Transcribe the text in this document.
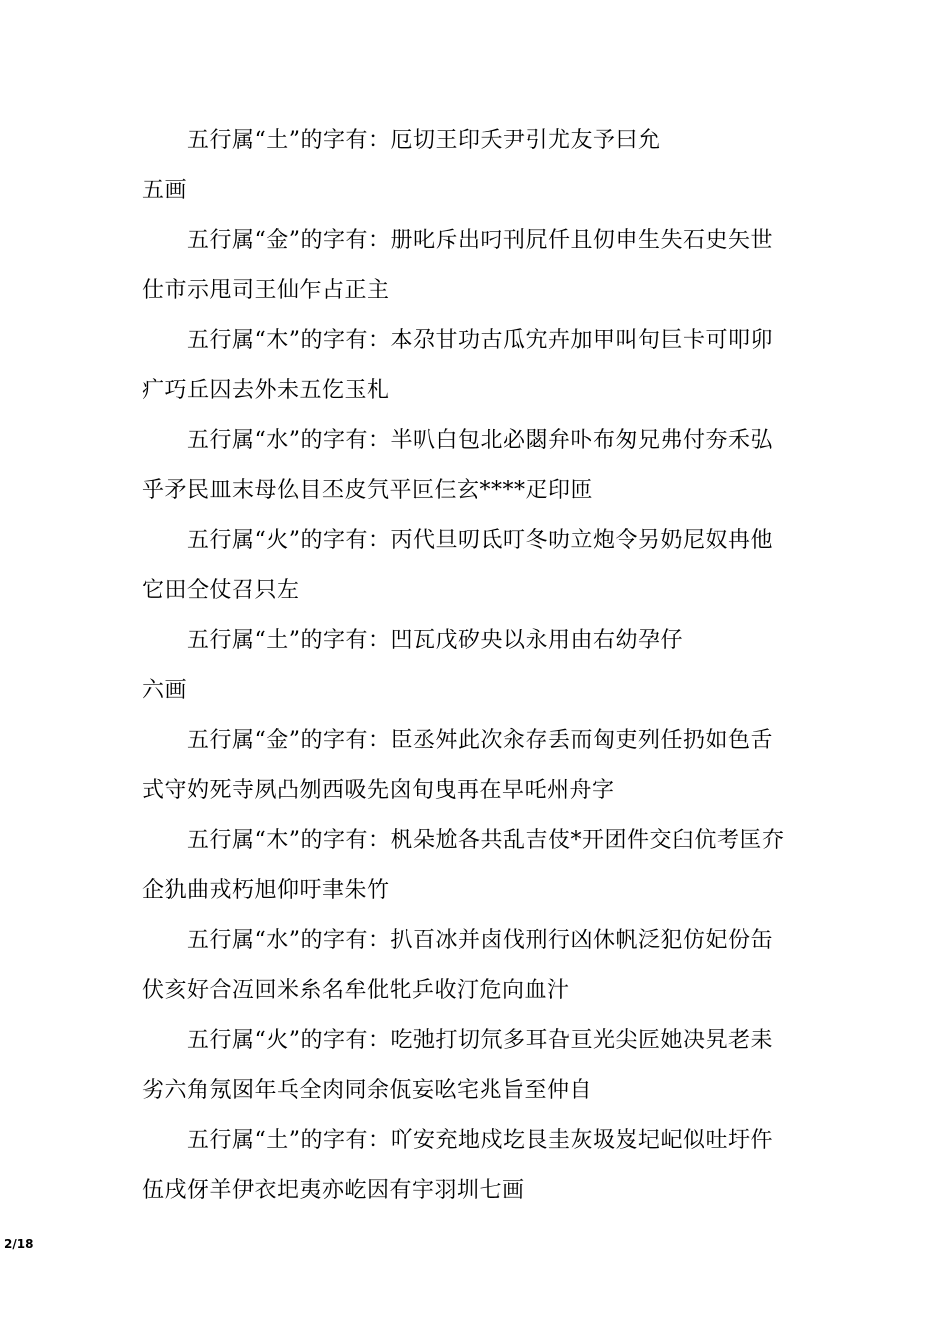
五行属“土”的字有：厄切王印夭尹引尤友予曰允
五画
五行属“金”的字有：册叱斥出叼刊凥仟且仞申生失石史矢世
仕市示甩司王仙乍占正主
五行属“木”的字有：本尕甘功古瓜宄卉加甲叫句巨卡可叩卯
疒巧丘囚去外未五仡玉札
五行属“水”的字有：半叭白包北必閟弁卟布匆兄弗付夯禾弘
乎矛民皿末母仫目丕皮氕平叵仨玄****疋印匝
五行属“火”的字有：丙代旦叨氐叮冬叻立炮令另奶尼奴冉他
它田仝仗召只左
五行属“土”的字有：凹瓦戊矽央以永用由右幼孕仔
六画
五行属“金”的字有：臣丞舛此次汆存丢而匈吏列任扔如色舌
式守妁死寺夙凸刎西吸先囟旬曳再在早吒州舟字
五行属“木”的字有：杋朵尬各共乱吉伎*开团件交臼伉考匡夰
企犰曲戎朽旭仰吁聿朱竹
五行属“水”的字有：扒百冰并卤伐刑行凶休帆泛犯仿妃份缶
伏亥好合冱回米糸名牟仳牝乒收汀危向血汁
五行属“火”的字有：吃弛打切氘多耳旮亘光尖匠她决旯老耒
劣六角氖囡年乓全肉同余佤妄吆宅兆旨至仲自
五行属“土”的字有：吖安充地戍圪艮圭灰圾岌圮屺似吐圩仵
伍戌伢羊伊衣圯夷亦屹因有宇羽圳七画
2/18
